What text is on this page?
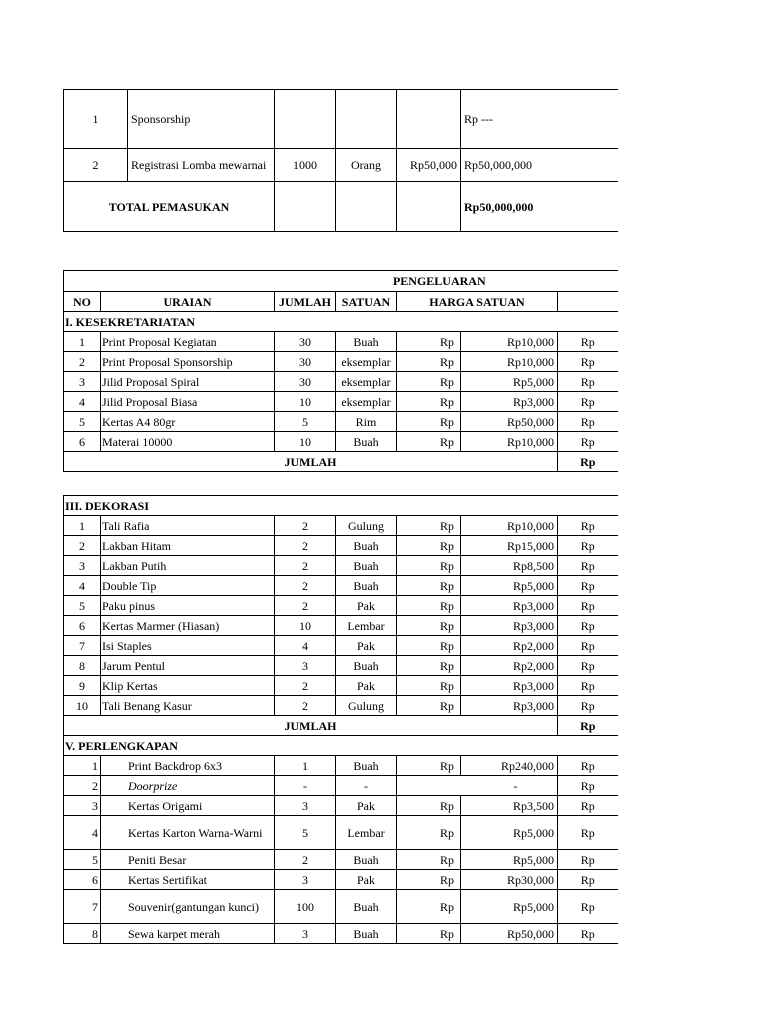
1	Sponsorship				Rp ---
2	Registrasi Lomba mewarnai	1000	Orang	Rp50,000	Rp50,000,000
TOTAL PEMASUKAN					Rp50,000,000
PENGELUARAN						
NO	URAIAN	JUMLAH	SATUAN	HARGA SATUAN		
I. KESEKRETARIATAN						
1	Print Proposal Kegiatan	30	Buah	Rp	Rp10,000	Rp
2	Print Proposal Sponsorship	30	eksemplar	Rp	Rp10,000	Rp
3	Jilid Proposal Spiral	30	eksemplar	Rp	Rp5,000	Rp
4	Jilid Proposal Biasa	10	eksemplar	Rp	Rp3,000	Rp
5	Kertas A4 80gr	5	Rim	Rp	Rp50,000	Rp
6	Materai 10000	10	Buah	Rp	Rp10,000	Rp
JUMLAH						Rp
III. DEKORASI						
1	Tali Rafia	2	Gulung	Rp	Rp10,000	Rp
2	Lakban Hitam	2	Buah	Rp	Rp15,000	Rp
3	Lakban Putih	2	Buah	Rp	Rp8,500	Rp
4	Double Tip	2	Buah	Rp	Rp5,000	Rp
5	Paku pinus	2	Pak	Rp	Rp3,000	Rp
6	Kertas Marmer (Hiasan)	10	Lembar	Rp	Rp3,000	Rp
7	Isi Staples	4	Pak	Rp	Rp2,000	Rp
8	Jarum Pentul	3	Buah	Rp	Rp2,000	Rp
9	Klip Kertas	2	Pak	Rp	Rp3,000	Rp
10	Tali Benang Kasur	2	Gulung	Rp	Rp3,000	Rp
JUMLAH						Rp
V. PERLENGKAPAN						
1	Print Backdrop 6x3	1	Buah	Rp	Rp240,000	Rp
2	Doorprize	-	-	-		Rp
3	Kertas Origami	3	Pak	Rp	Rp3,500	Rp
4	Kertas Karton Warna-Warni	5	Lembar	Rp	Rp5,000	Rp
5	Peniti Besar	2	Buah	Rp	Rp5,000	Rp
6	Kertas Sertifikat	3	Pak	Rp	Rp30,000	Rp
7	Souvenir(gantungan kunci)	100	Buah	Rp	Rp5,000	Rp
8	Sewa karpet merah	3	Buah	Rp	Rp50,000	Rp
